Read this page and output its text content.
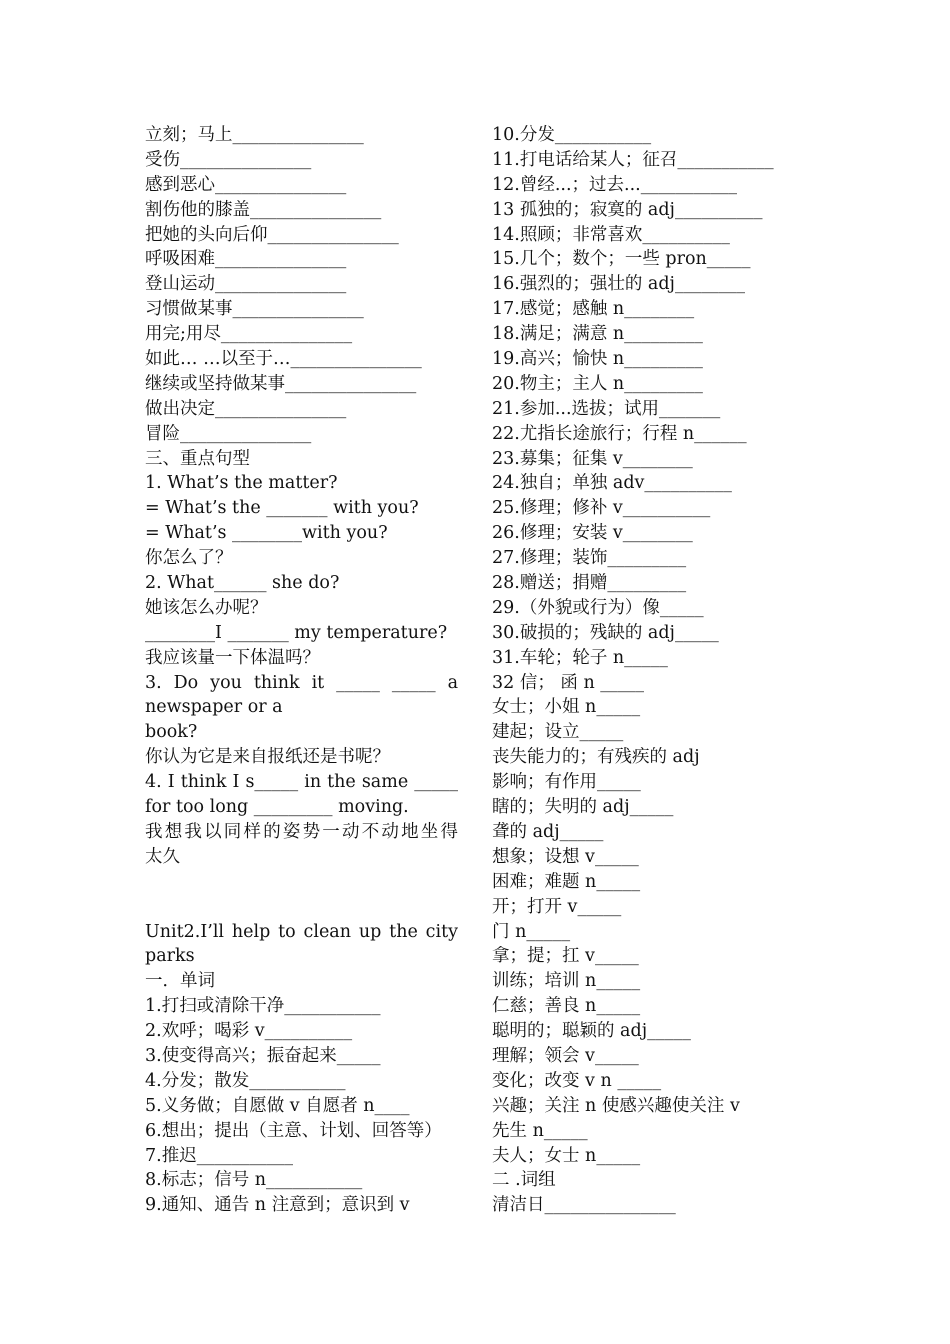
立刻；马上_______________
受伤_______________
感到恶心_______________
割伤他的膝盖_______________
把她的头向后仰_______________
呼吸困难_______________
登山运动_______________
习惯做某事_______________
用完;用尽_______________
如此… …以至于…_______________
继续或坚持做某事_______________
做出决定_______________
冒险_______________
三、重点句型
1. What’s the matter?
= What’s the _______ with you?
= What’s ________with you?
你怎么了？
2. What______ she do?
她该怎么办呢？
________I _______ my temperature?
我应该量一下体温吗？
3. Do you think it _____ _____ a
newspaper or a
book?
你认为它是来自报纸还是书呢？
4. I think I s_____ in the same _____
for too long _________ moving.
我想我以同样的姿势一动不动地坐得
太久
Unit2.I’ll help to clean up the city
parks
一．单词
1.打扫或清除干净___________
2.欢呼；喝彩 v__________
3.使变得高兴；振奋起来_____
4.分发；散发___________
5.义务做；自愿做 v 自愿者 n____
6.想出；提出（主意、计划、回答等）
7.推迟___________
8.标志；信号 n___________
9.通知、通告 n 注意到；意识到 v
10.分发___________
11.打电话给某人；征召___________
12.曾经...；过去...___________
13 孤独的；寂寞的 adj__________
14.照顾；非常喜欢__________
15.几个；数个；一些 pron_____
16.强烈的；强壮的 adj________
17.感觉；感触 n________
18.满足；满意 n_________
19.高兴；愉快 n_________
20.物主；主人 n_________
21.参加...选拔；试用_______
22.尤指长途旅行；行程 n______
23.募集；征集 v________
24.独自；单独 adv__________
25.修理；修补 v__________
26.修理；安装 v________
27.修理；装饰_________
28.赠送；捐赠_________
29.（外貌或行为）像_____
30.破损的；残缺的 adj_____
31.车轮；轮子 n_____
32 信； 函 n _____
女士；小姐 n_____
建起；设立_____
丧失能力的；有残疾的 adj
影响；有作用_____
瞎的；失明的 adj_____
聋的 adj_____
想象；设想 v_____
困难；难题 n_____
开；打开 v_____
门 n_____
拿；提；扛 v_____
训练；培训 n_____
仁慈；善良 n_____
聪明的；聪颖的 adj_____
理解；领会 v_____
变化；改变 v n _____
兴趣；关注 n 使感兴趣使关注 v
先生 n_____
夫人；女士 n_____
二 .词组
清洁日_______________
